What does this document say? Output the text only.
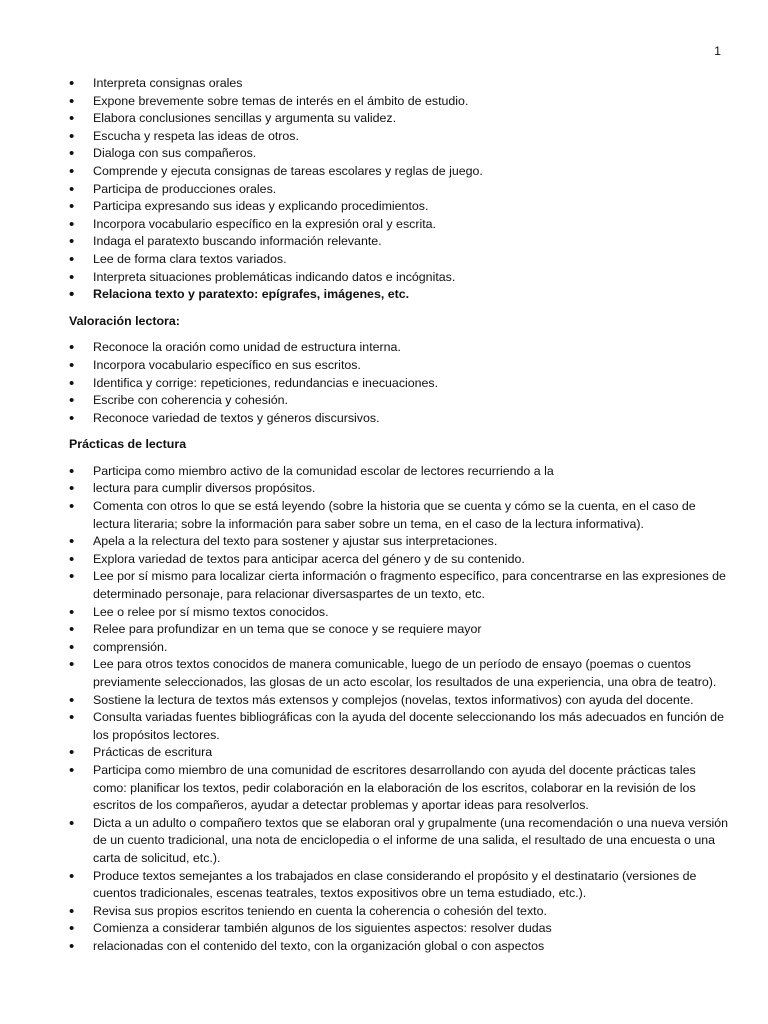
1
• Interpreta consignas orales
• Expone brevemente sobre temas de interés en el ámbito de estudio.
• Elabora conclusiones sencillas y argumenta su validez.
• Escucha y respeta las ideas de otros.
• Dialoga con sus compañeros.
• Comprende y ejecuta consignas de tareas escolares y reglas de juego.
• Participa de producciones orales.
• Participa expresando sus ideas y explicando procedimientos.
• Incorpora vocabulario específico en la expresión oral y escrita.
• Indaga el paratexto buscando información relevante.
• Lee de forma clara textos variados.
• Interpreta situaciones problemáticas indicando datos e incógnitas.
• Relaciona texto y paratexto: epígrafes, imágenes, etc.
Valoración lectora:
• Reconoce la oración como unidad de estructura interna.
• Incorpora vocabulario específico en sus escritos.
• Identifica y corrige: repeticiones, redundancias e inecuaciones.
• Escribe con coherencia y cohesión.
• Reconoce variedad de textos y géneros discursivos.
Prácticas de lectura
• Participa como miembro activo de la comunidad escolar de lectores recurriendo a la
• lectura para cumplir diversos propósitos.
• Comenta con otros lo que se está leyendo (sobre la historia que se cuenta y cómo se la cuenta, en el caso de lectura literaria; sobre la información para saber sobre un tema, en el caso de la lectura informativa).
• Apela a la relectura del texto para sostener y ajustar sus interpretaciones.
• Explora variedad de textos para anticipar acerca del género y de su contenido.
• Lee por sí mismo para localizar cierta información o fragmento específico, para concentrarse en las expresiones de determinado personaje, para relacionar diversaspartes de un texto, etc.
• Lee o relee por sí mismo textos conocidos.
• Relee para profundizar en un tema que se conoce y se requiere mayor
• comprensión.
• Lee para otros textos conocidos de manera comunicable, luego de un período de ensayo (poemas o cuentos previamente seleccionados, las glosas de un acto escolar, los resultados de una experiencia, una obra de teatro).
• Sostiene la lectura de textos más extensos y complejos (novelas, textos informativos) con ayuda del docente.
• Consulta variadas fuentes bibliográficas con la ayuda del docente seleccionando los más adecuados en función de los propósitos lectores.
• Prácticas de escritura
• Participa como miembro de una comunidad de escritores desarrollando con ayuda del docente prácticas tales como: planificar los textos, pedir colaboración en la elaboración de los escritos, colaborar en la revisión de los escritos de los compañeros, ayudar a detectar problemas y aportar ideas para resolverlos.
• Dicta a un adulto o compañero textos que se elaboran oral y grupalmente (una recomendación o una nueva versión de un cuento tradicional, una nota de enciclopedia o el informe de una salida, el resultado de una encuesta o una carta de solicitud, etc.).
• Produce textos semejantes a los trabajados en clase considerando el propósito y el destinatario (versiones de cuentos tradicionales, escenas teatrales, textos expositivos obre un tema estudiado, etc.).
• Revisa sus propios escritos teniendo en cuenta la coherencia o cohesión del texto.
• Comienza a considerar también algunos de los siguientes aspectos: resolver dudas
• relacionadas con el contenido del texto, con la organización global o con aspectos
